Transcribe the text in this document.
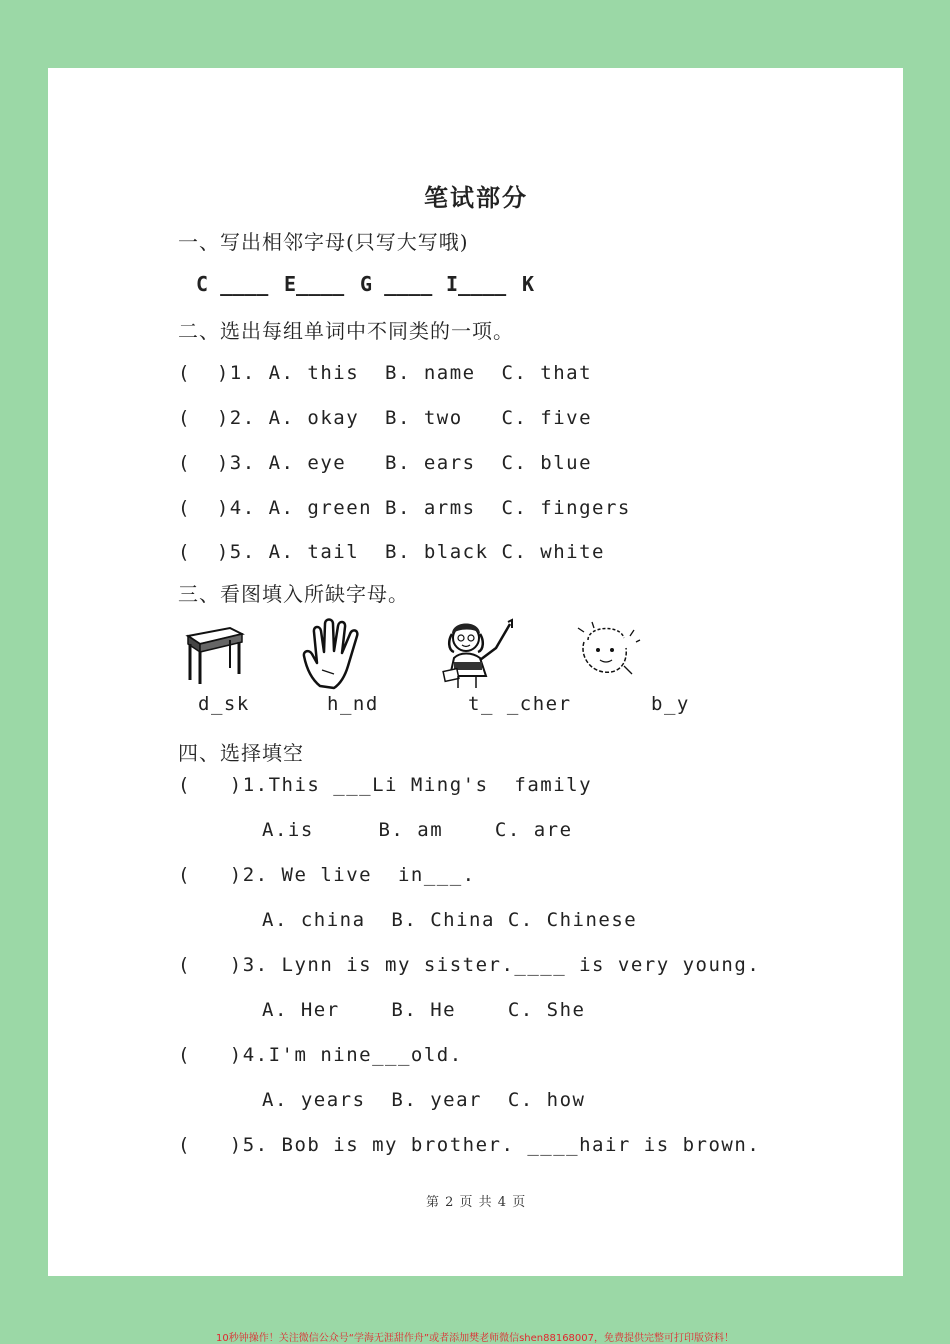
笔试部分
一、写出相邻字母(只写大写哦)
C ____ E____ G ____ I____ K
二、选出每组单词中不同类的一项。
(  )1. A. this  B. name  C. that
(  )2. A. okay  B. two   C. five
(  )3. A. eye   B. ears  C. blue
(  )4. A. green B. arms  C. fingers
(  )5. A. tail  B. black C. white
三、看图填入所缺字母。
d_sk	h_nd	t_ _cher	b_y
四、选择填空
(   )1.This ___Li Ming's  family
A.is     B. am    C. are
(   )2. We live  in___.
A. china  B. China C. Chinese
(   )3. Lynn is my sister.____ is very young.
A. Her    B. He    C. She
(   )4.I'm nine___old.
A. years  B. year  C. how
(   )5. Bob is my brother. ____hair is brown.
第 2 页 共 4 页
10秒钟操作！关注微信公众号“学海无涯甜作舟”或者添加樊老师微信shen88168007，免费提供完整可打印版资料！
